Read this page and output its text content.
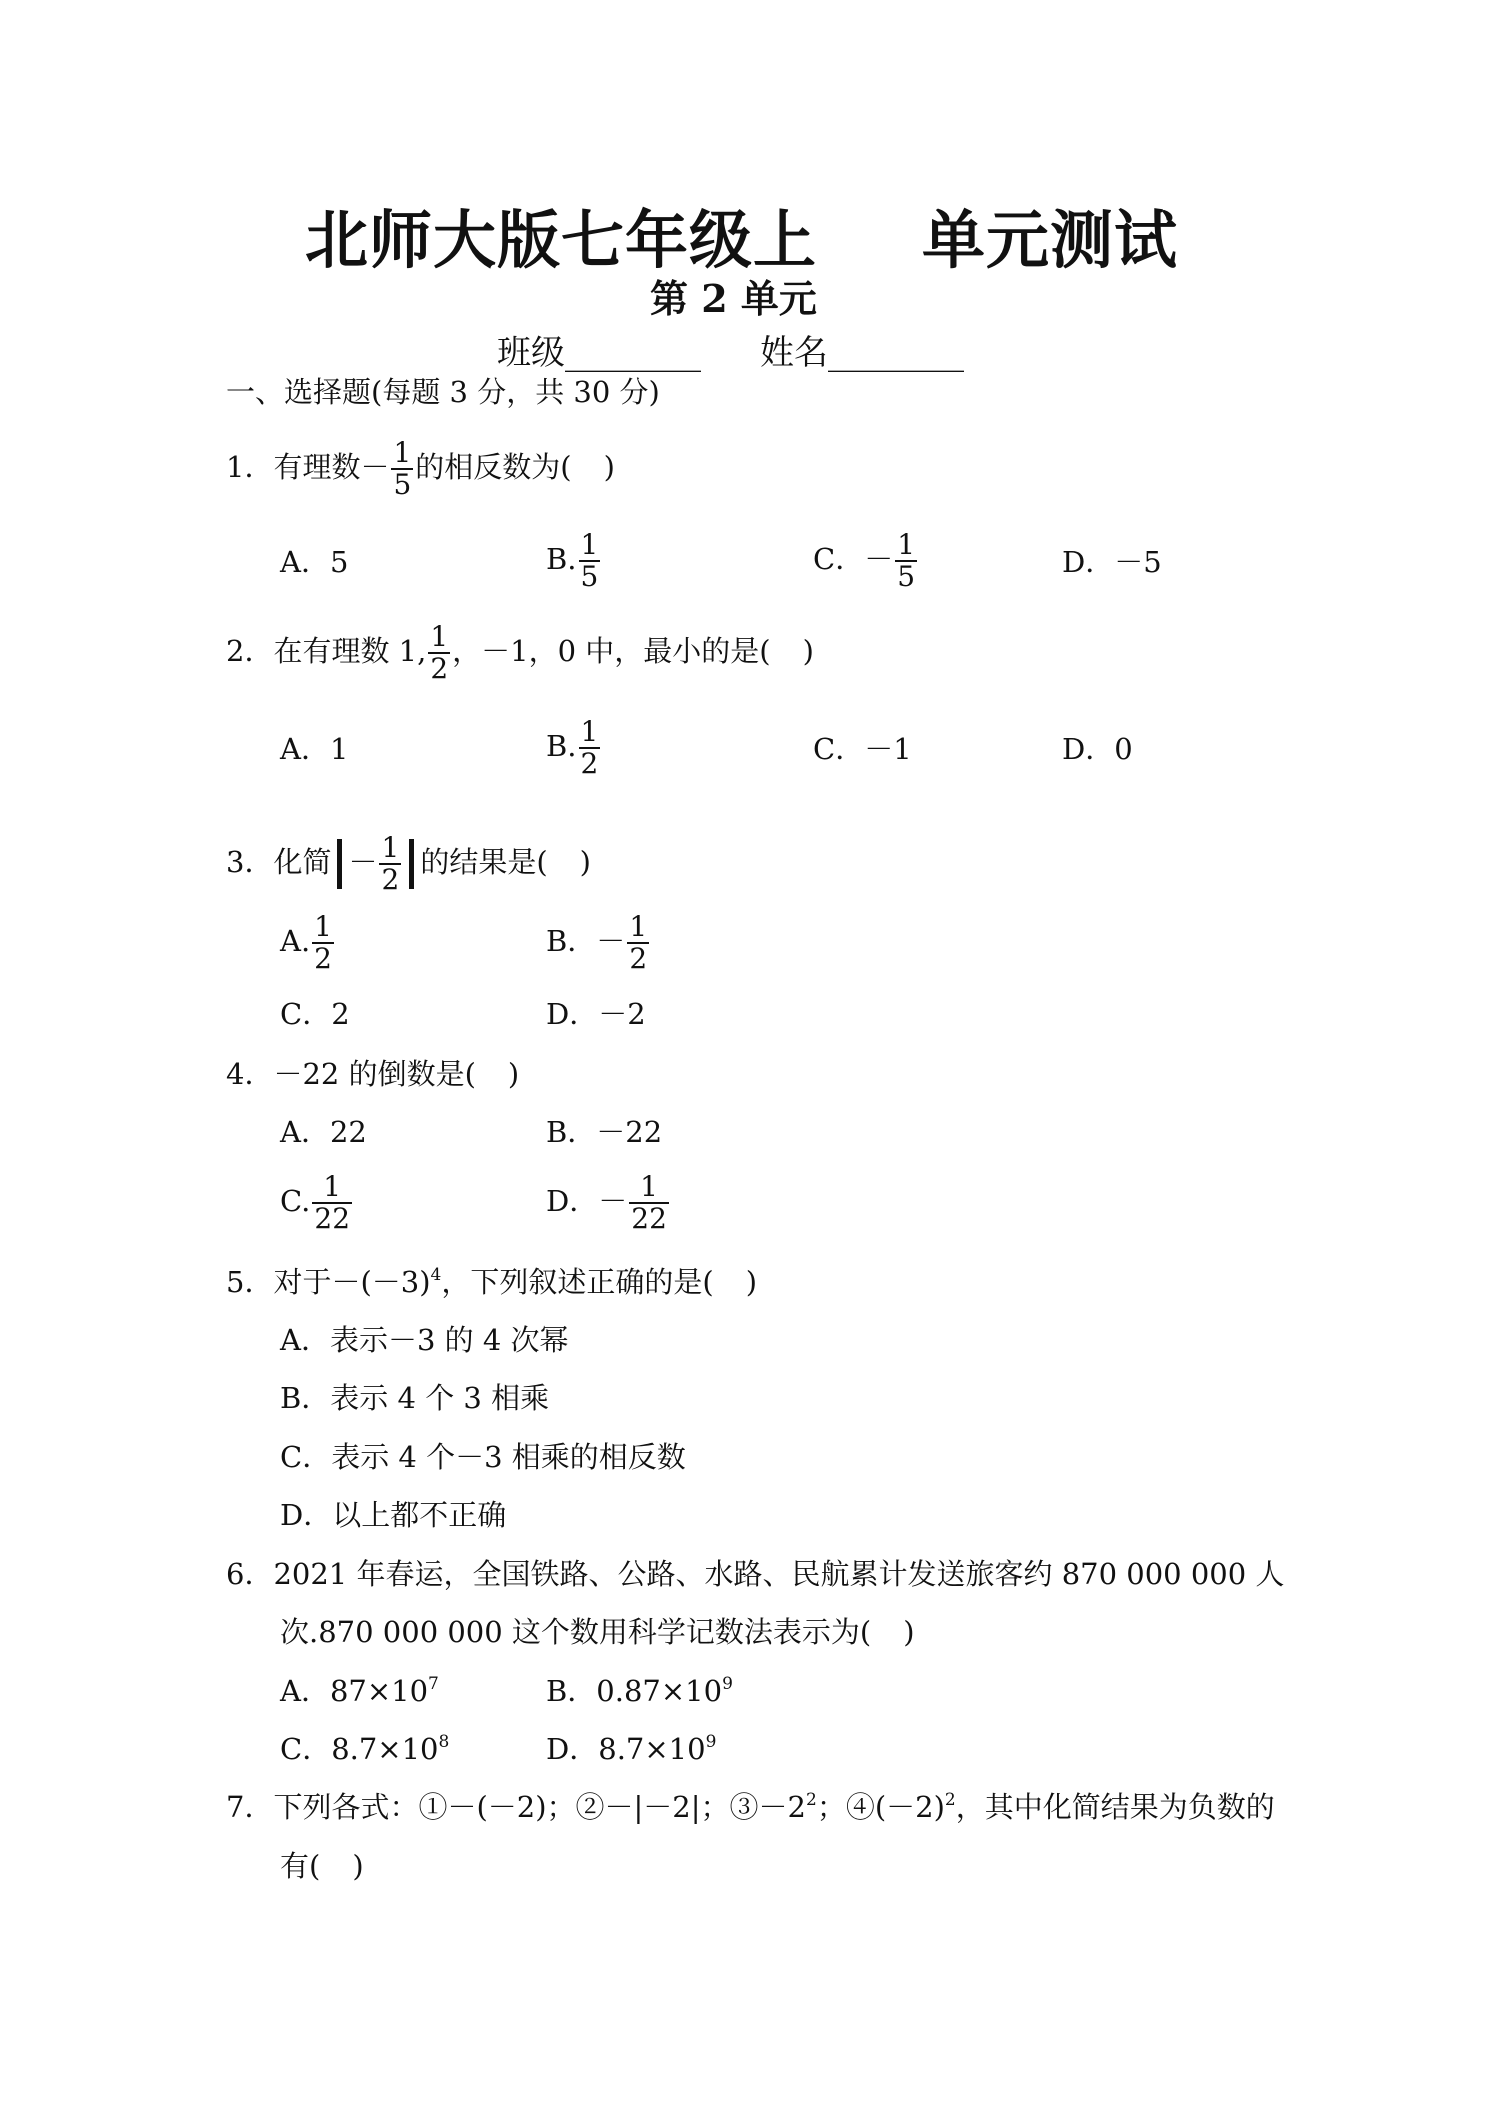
北师大版七年级上 单元测试
第 2 单元
班级________ 姓名________
一、选择题(每题 3 分，共 30 分)
1．有理数－ $\frac{1}{5}$ 的相反数为( )
A．5	B. $\frac{1}{5}$	C．－ $\frac{1}{5}$	D．－5
2．在有理数 1, $\frac{1}{2}$ ，－1，0 中，最小的是( )
A．1	B. $\frac{1}{2}$	C．－1	D．0
3．化简 － $\frac{1}{2}$ 的结果是( )
A. $\frac{1}{2}$	B．－ $\frac{1}{2}$
C．2	D．－2
4．－22 的倒数是( )
A．22	B．－22
C. $\frac{1}{22}$	D．－ $\frac{1}{22}$
5．对于$-(-3)^4$，下列叙述正确的是( )
A．表示－3 的 4 次幂
B．表示 4 个 3 相乘
C．表示 4 个－3 相乘的相反数
D．以上都不正确
6．2021 年春运，全国铁路、公路、水路、民航累计发送旅客约 870 000 000 人
次.870 000 000 这个数用科学记数法表示为( )
A．$87\times 10^7$	B．$0.87\times 10^9$
C．$8.7\times 10^8$	D．$8.7\times 10^9$
7．下列各式：①－(－2)；②－|－2|；$③-2^2$；$④(-2)^2$，其中化简结果为负数的
有( )
